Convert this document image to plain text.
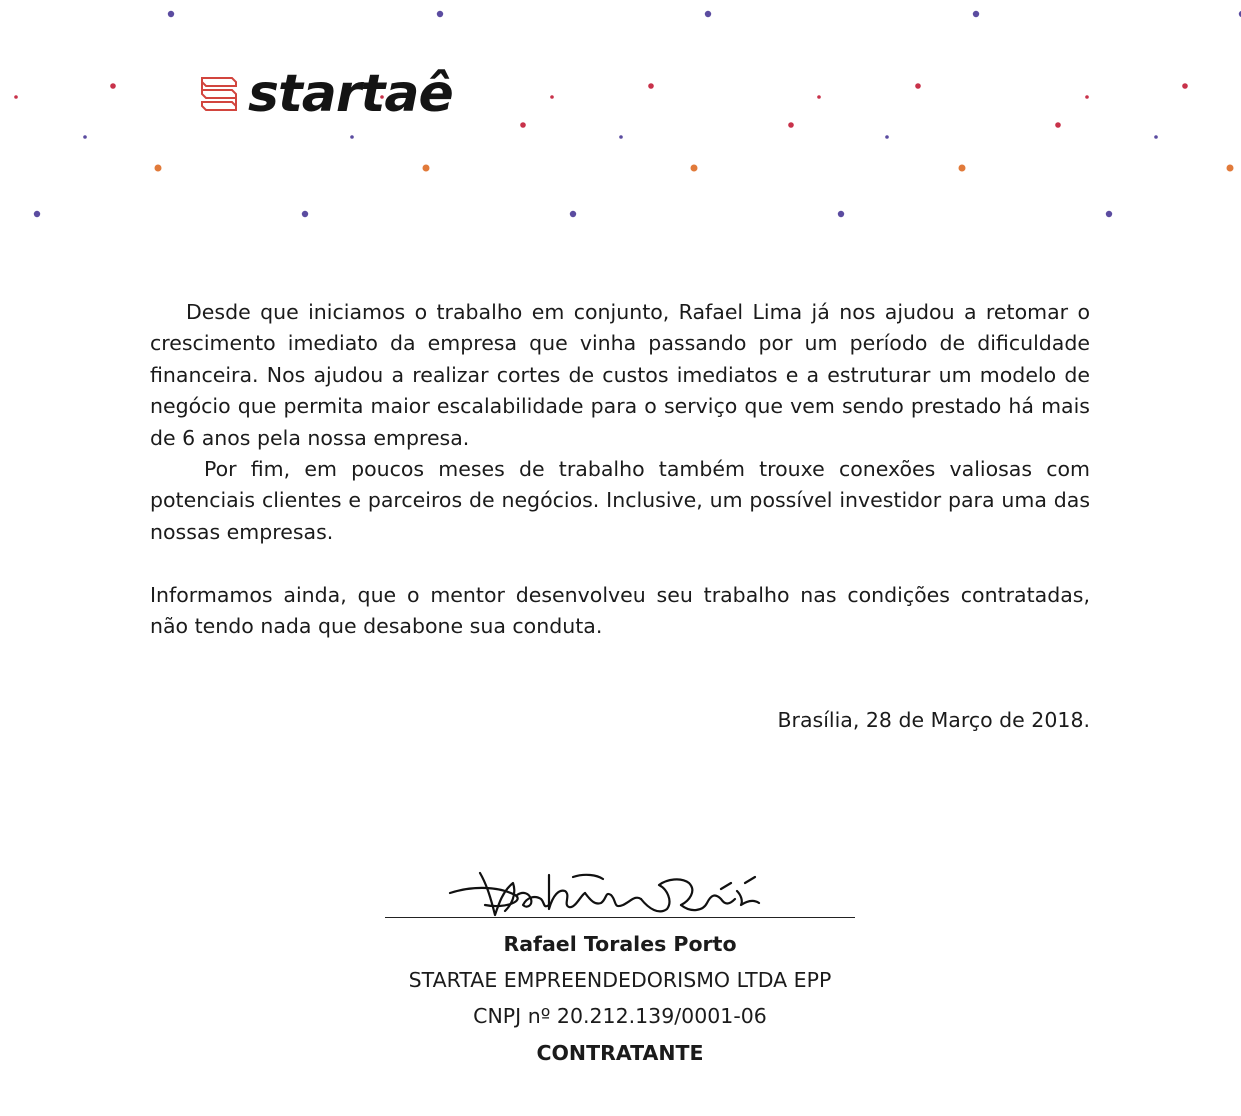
startaê

Desde que iniciamos o trabalho em conjunto, Rafael Lima já nos ajudou a retomar o crescimento imediato da empresa que vinha passando por um período de dificuldade financeira. Nos ajudou a realizar cortes de custos imediatos e a estruturar um modelo de negócio que permita maior escalabilidade para o serviço que vem sendo prestado há mais de 6 anos pela nossa empresa.

Por fim, em poucos meses de trabalho também trouxe conexões valiosas com potenciais clientes e parceiros de negócios. Inclusive, um possível investidor para uma das nossas empresas.

Informamos ainda, que o mentor desenvolveu seu trabalho nas condições contratadas, não tendo nada que desabone sua conduta.

Brasília, 28 de Março de 2018.
Rafael Torales Porto
STARTAE EMPREENDEDORISMO LTDA EPP
CNPJ nº 20.212.139/0001-06
CONTRATANTE
